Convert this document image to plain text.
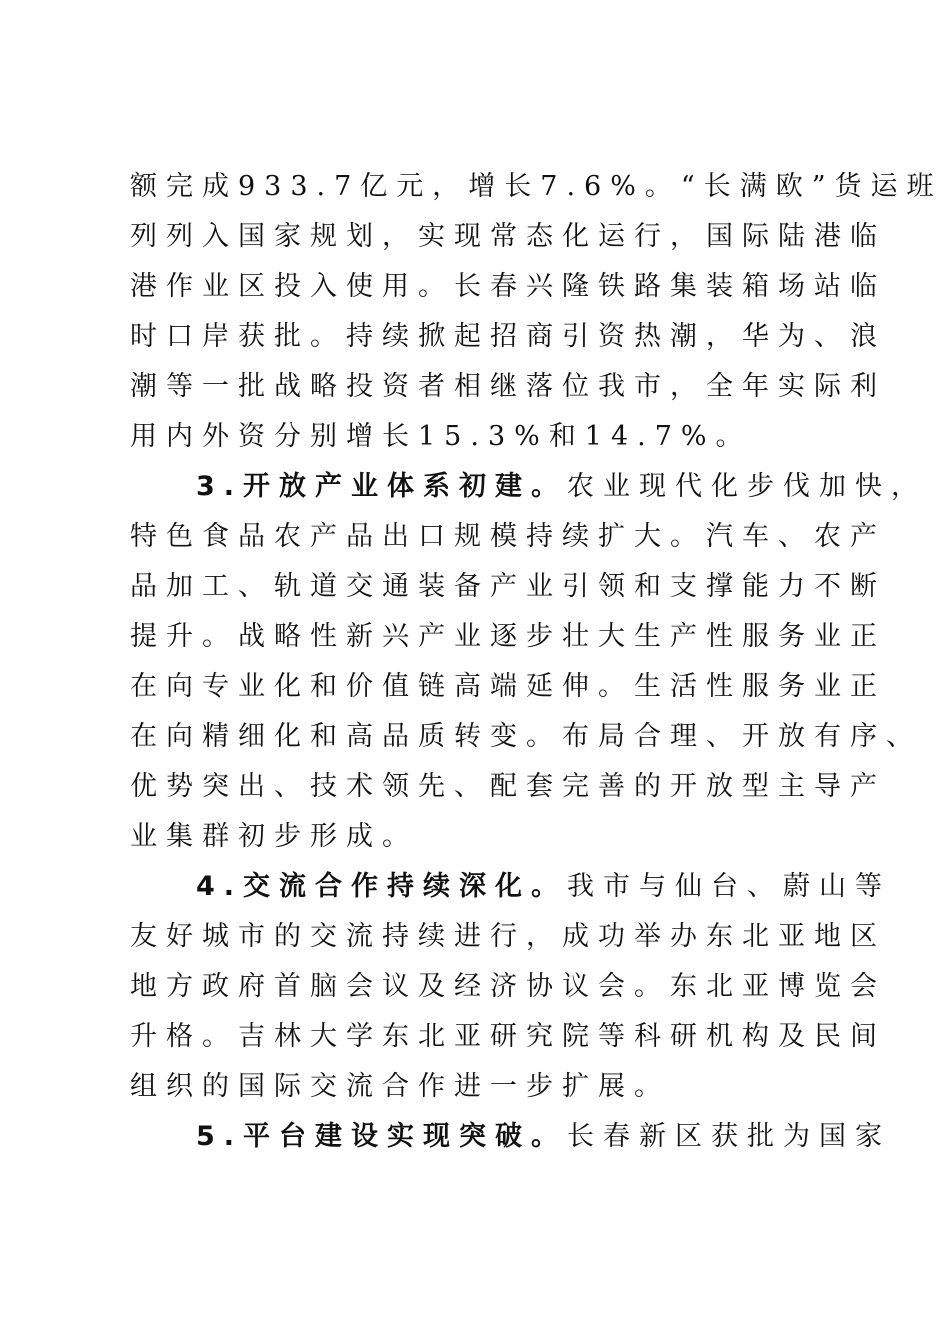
额完成933.7亿元，增长7.6%。“长满欧”货运班
列列入国家规划，实现常态化运行，国际陆港临
港作业区投入使用。长春兴隆铁路集装箱场站临
时口岸获批。持续掀起招商引资热潮，华为、浪
潮等一批战略投资者相继落位我市，全年实际利
用内外资分别增长15.3%和14.7%。
3.开放产业体系初建。农业现代化步伐加快，
特色食品农产品出口规模持续扩大。汽车、农产
品加工、轨道交通装备产业引领和支撑能力不断
提升。战略性新兴产业逐步壮大生产性服务业正
在向专业化和价值链高端延伸。生活性服务业正
在向精细化和高品质转变。布局合理、开放有序、
优势突出、技术领先、配套完善的开放型主导产
业集群初步形成。
4.交流合作持续深化。我市与仙台、蔚山等
友好城市的交流持续进行，成功举办东北亚地区
地方政府首脑会议及经济协议会。东北亚博览会
升格。吉林大学东北亚研究院等科研机构及民间
组织的国际交流合作进一步扩展。
5.平台建设实现突破。长春新区获批为国家
